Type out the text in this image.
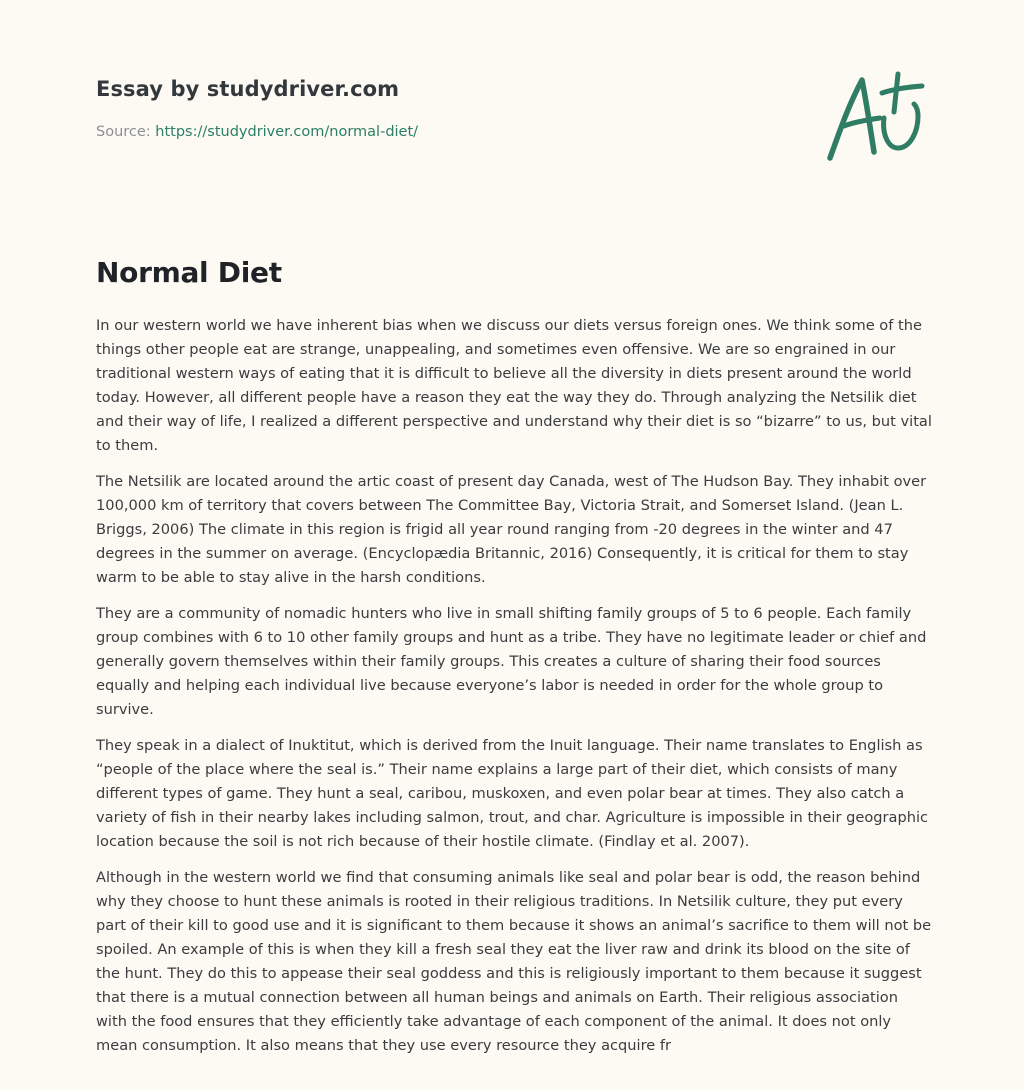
Essay by studydriver.com
Source: https://studydriver.com/normal-diet/
Normal Diet

In our western world we have inherent bias when we discuss our diets versus foreign ones. We think some of the things other people eat are strange, unappealing, and sometimes even offensive. We are so engrained in our traditional western ways of eating that it is difficult to believe all the diversity in diets present around the world today. However, all different people have a reason they eat the way they do. Through analyzing the Netsilik diet and their way of life, I realized a different perspective and understand why their diet is so “bizarre” to us, but vital to them.

The Netsilik are located around the artic coast of present day Canada, west of The Hudson Bay. They inhabit over 100,000 km of territory that covers between The Committee Bay, Victoria Strait, and Somerset Island. (Jean L. Briggs, 2006) The climate in this region is frigid all year round ranging from -20 degrees in the winter and 47 degrees in the summer on average. (Encyclopædia Britannic, 2016) Consequently, it is critical for them to stay warm to be able to stay alive in the harsh conditions.

They are a community of nomadic hunters who live in small shifting family groups of 5 to 6 people. Each family group combines with 6 to 10 other family groups and hunt as a tribe. They have no legitimate leader or chief and generally govern themselves within their family groups. This creates a culture of sharing their food sources equally and helping each individual live because everyone’s labor is needed in order for the whole group to survive.

They speak in a dialect of Inuktitut, which is derived from the Inuit language. Their name translates to English as “people of the place where the seal is.” Their name explains a large part of their diet, which consists of many different types of game. They hunt a seal, caribou, muskoxen, and even polar bear at times. They also catch a variety of fish in their nearby lakes including salmon, trout, and char. Agriculture is impossible in their geographic location because the soil is not rich because of their hostile climate. (Findlay et al. 2007).

Although in the western world we find that consuming animals like seal and polar bear is odd, the reason behind why they choose to hunt these animals is rooted in their religious traditions. In Netsilik culture, they put every part of their kill to good use and it is significant to them because it shows an animal’s sacrifice to them will not be spoiled. An example of this is when they kill a fresh seal they eat the liver raw and drink its blood on the site of the hunt. They do this to appease their seal goddess and this is religiously important to them because it suggest that there is a mutual connection between all human beings and animals on Earth. Their religious association with the food ensures that they efficiently take advantage of each component of the animal. It does not only mean consumption. It also means that they use every resource they acquire fr
